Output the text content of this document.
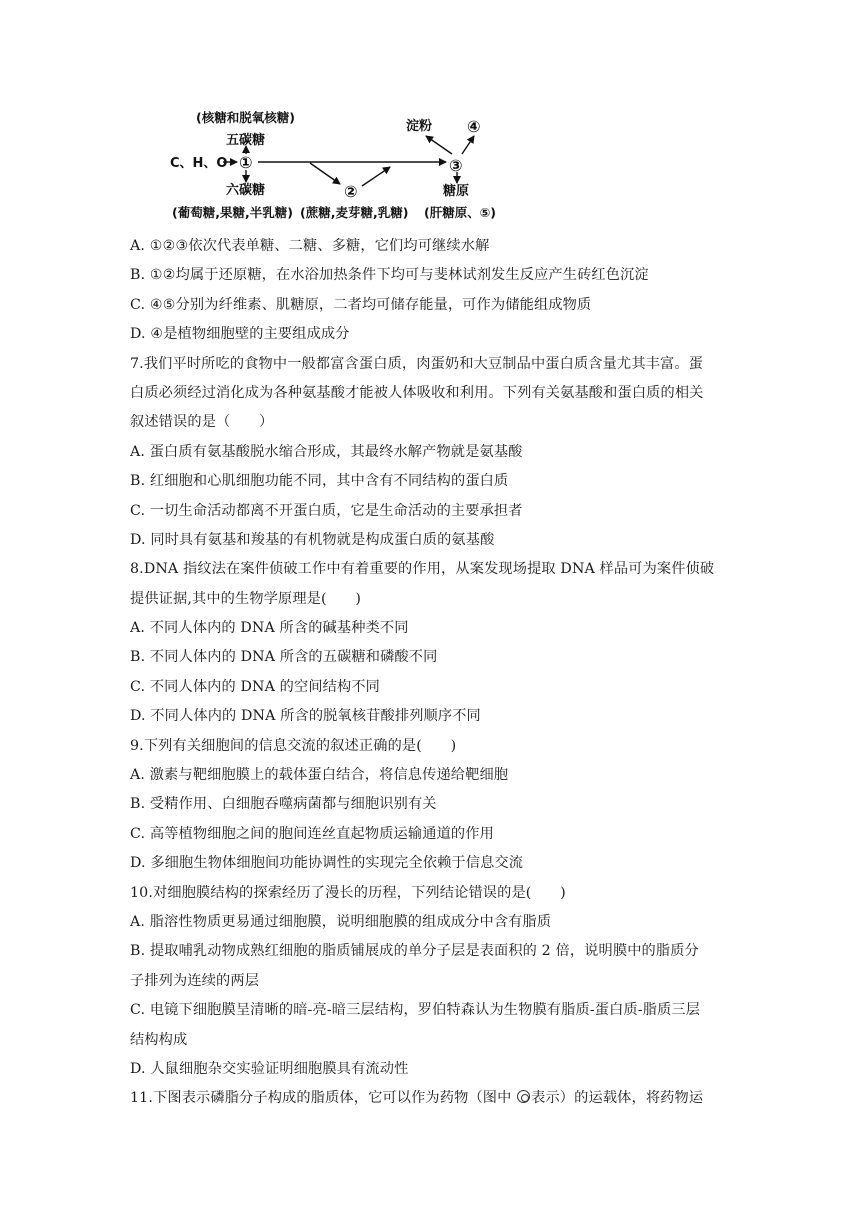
(核糖和脱氧核糖)
五碳糖
C、H、O ①
六碳糖
(葡萄糖,果糖,半乳糖)
②
(蔗糖,麦芽糖,乳糖)
淀粉 ④
③
糖原
(肝糖原、⑤)
A. ①②③依次代表单糖、二糖、多糖，它们均可继续水解
B. ①②均属于还原糖，在水浴加热条件下均可与斐林试剂发生反应产生砖红色沉淀
C. ④⑤分别为纤维素、肌糖原，二者均可储存能量，可作为储能组成物质
D. ④是植物细胞壁的主要组成成分
7.我们平时所吃的食物中一般都富含蛋白质，肉蛋奶和大豆制品中蛋白质含量尤其丰富。蛋
白质必须经过消化成为各种氨基酸才能被人体吸收和利用。下列有关氨基酸和蛋白质的相关
叙述错误的是（　　）
A. 蛋白质有氨基酸脱水缩合形成，其最终水解产物就是氨基酸
B. 红细胞和心肌细胞功能不同，其中含有不同结构的蛋白质
C. 一切生命活动都离不开蛋白质，它是生命活动的主要承担者
D. 同时具有氨基和羧基的有机物就是构成蛋白质的氨基酸
8.DNA 指纹法在案件侦破工作中有着重要的作用，从案发现场提取 DNA 样品可为案件侦破
提供证据,其中的生物学原理是(　　)
A. 不同人体内的 DNA 所含的碱基种类不同
B. 不同人体内的 DNA 所含的五碳糖和磷酸不同
C. 不同人体内的 DNA 的空间结构不同
D. 不同人体内的 DNA 所含的脱氧核苷酸排列顺序不同
9.下列有关细胞间的信息交流的叙述正确的是(　　)
A. 激素与靶细胞膜上的载体蛋白结合，将信息传递给靶细胞
B. 受精作用、白细胞吞噬病菌都与细胞识别有关
C. 高等植物细胞之间的胞间连丝直起物质运输通道的作用
D. 多细胞生物体细胞间功能协调性的实现完全依赖于信息交流
10.对细胞膜结构的探索经历了漫长的历程，下列结论错误的是(　　)
A. 脂溶性物质更易通过细胞膜，说明细胞膜的组成成分中含有脂质
B. 提取哺乳动物成熟红细胞的脂质铺展成的单分子层是表面积的 2 倍，说明膜中的脂质分
子排列为连续的两层
C. 电镜下细胞膜呈清晰的暗-亮-暗三层结构，罗伯特森认为生物膜有脂质-蛋白质-脂质三层
结构构成
D. 人鼠细胞杂交实验证明细胞膜具有流动性
11.下图表示磷脂分子构成的脂质体，它可以作为药物（图中 表示）的运载体，将药物运
